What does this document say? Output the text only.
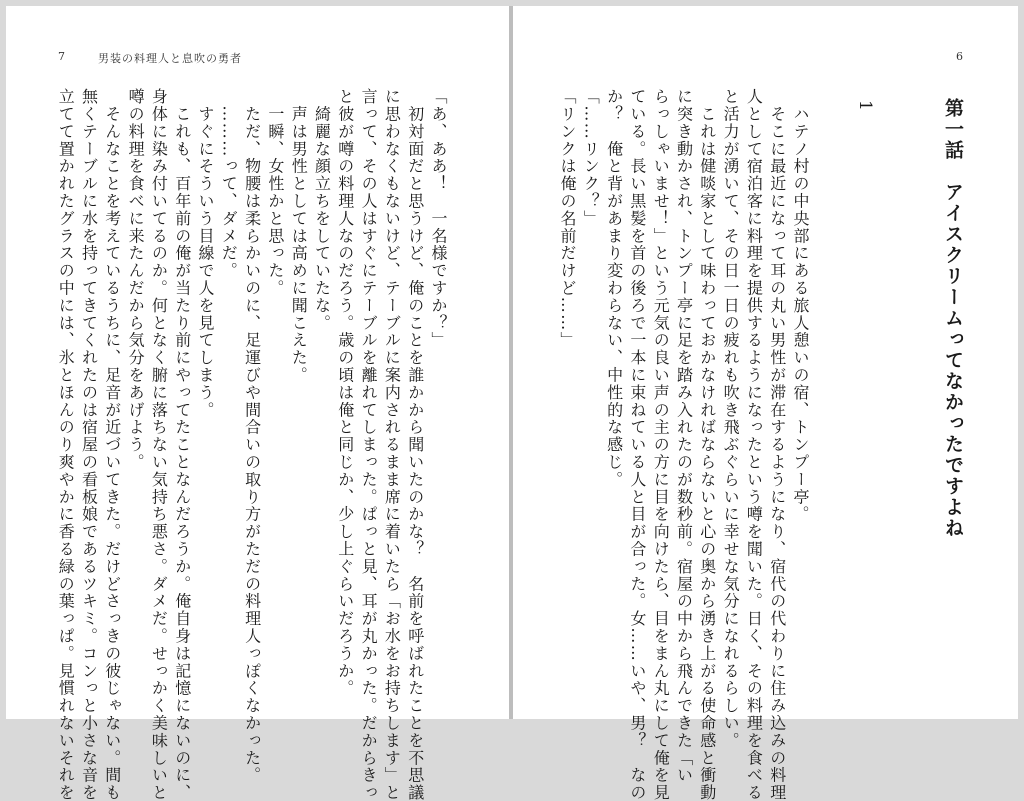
7	男装の料理人と息吹の勇者
「あ、ああ！　一名様ですか？」
　初対面だと思うけど、俺のことを誰かから聞いたのかな？　名前を呼ばれたことを不思議
に思わなくもないけど、テーブルに案内されるまま席に着いたら「お水をお持ちします」と
言って、その人はすぐにテーブルを離れてしまった。ぱっと見、耳が丸かった。だからきっ
と彼が噂の料理人なのだろう。歳の頃は俺と同じか、少し上ぐらいだろうか。
　綺麗な顔立ちをしていたな。
　声は男性としては高めに聞こえた。
　一瞬、女性かと思った。
　ただ、物腰は柔らかいのに、足運びや間合いの取り方がただの料理人っぽくなかった。
　………って、ダメだ。
　すぐにそういう目線で人を見てしまう。
　これも、百年前の俺が当たり前にやってたことなんだろうか。俺自身は記憶にないのに、
身体に染み付いてるのか。何となく腑に落ちない気持ち悪さ。ダメだ。せっかく美味しいと
噂の料理を食べに来たんだから気分をあげよう。
　そんなことを考えているうちに、足音が近づいてきた。だけどさっきの彼じゃない。間も
無くテーブルに水を持ってきてくれたのは宿屋の看板娘であるツキミ。コンっと小さな音を
立てて置かれたグラスの中には、氷とほんのり爽やかに香る緑の葉っぱ。見慣れないそれを
6
第一話　アイスクリームってなかったですよね
1
　ハテノ村の中央部にある旅人憩いの宿、トンプー亭。
　そこに最近になって耳の丸い男性が滞在するようになり、宿代の代わりに住み込みの料理
人として宿泊客に料理を提供するようになったという噂を聞いた。日く、その料理を食べる
と活力が湧いて、その日一日の疲れも吹き飛ぶぐらいに幸せな気分になれるらしい。
　これは健啖家として味わっておかなければならないと心の奥から湧き上がる使命感と衝動
に突き動かされ、トンプー亭に足を踏み入れたのが数秒前。宿屋の中から飛んできた「い
らっしゃいませ！」という元気の良い声の主の方に目を向けたら、目をまん丸にして俺を見
ている。長い黒髪を首の後ろで一本に束ねている人と目が合った。女……いや、男？　なの
か？　俺と背があまり変わらない、中性的な感じ。
「……リンク？」
「リンクは俺の名前だけど……」
